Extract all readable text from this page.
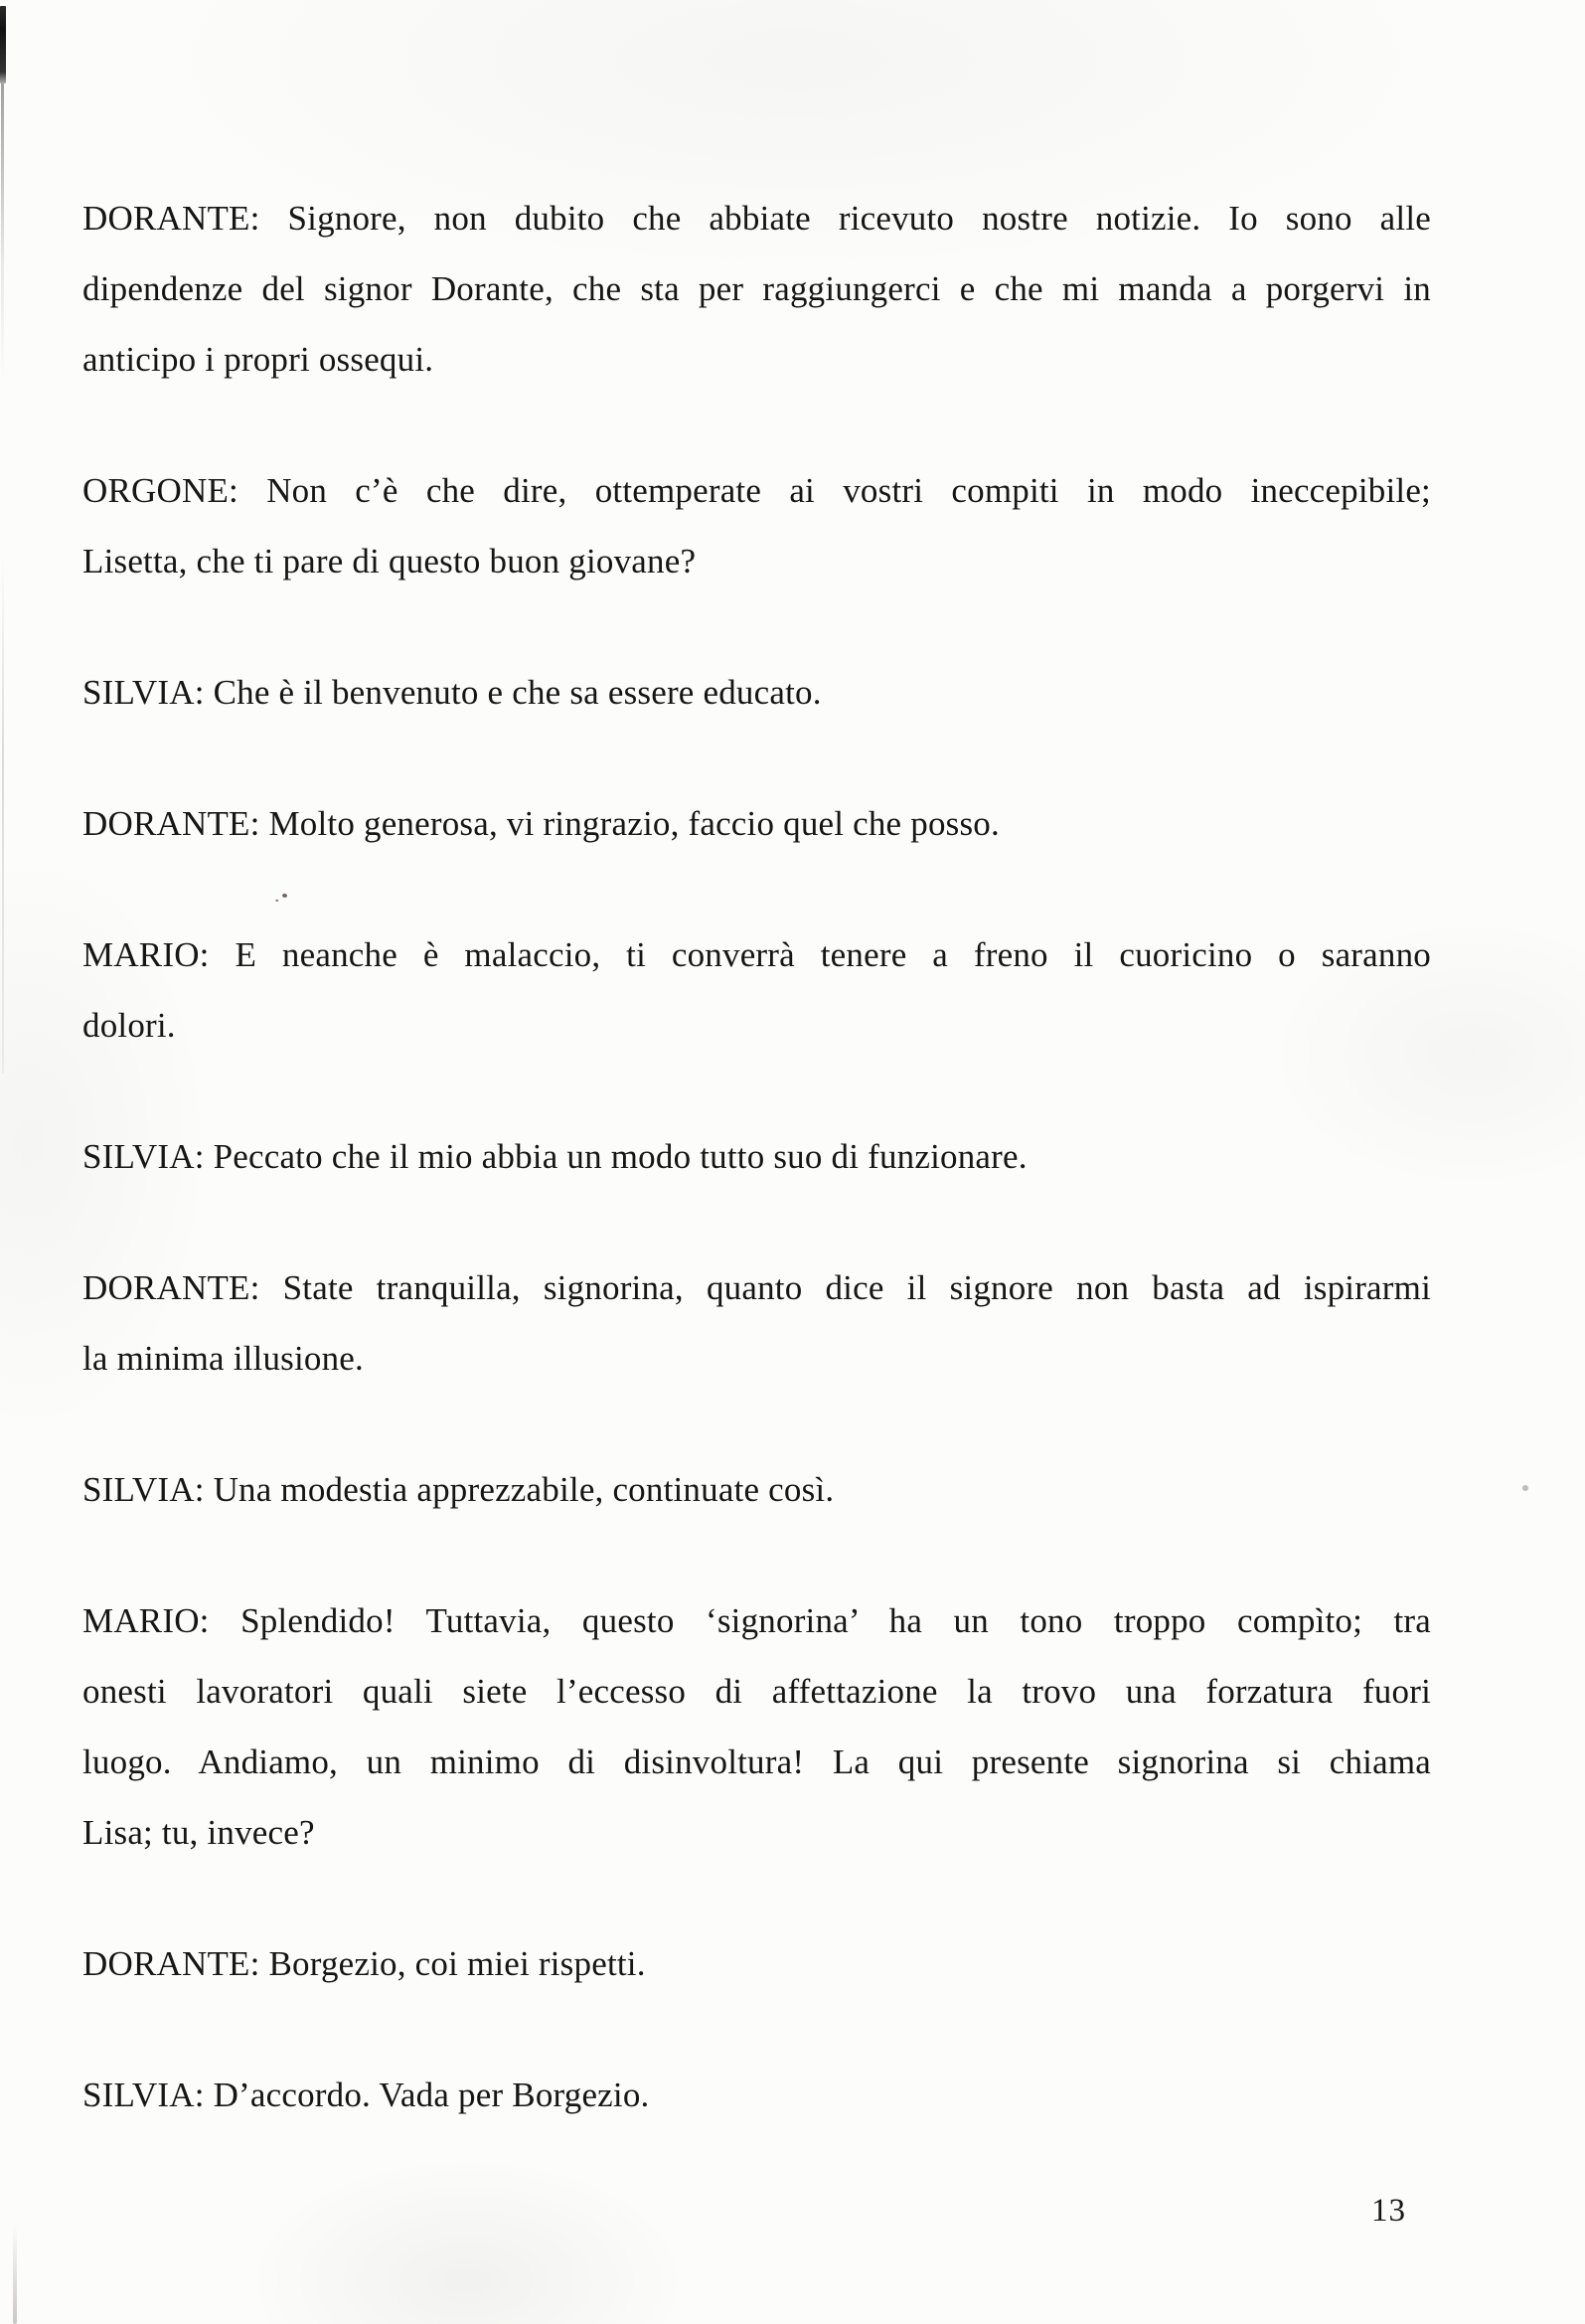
DORANTE: Signore, non dubito che abbiate ricevuto nostre notizie. Io sono alle
dipendenze del signor Dorante, che sta per raggiungerci e che mi manda a porgervi in
anticipo i propri ossequi.

ORGONE: Non c’è che dire, ottemperate ai vostri compiti in modo ineccepibile;
Lisetta, che ti pare di questo buon giovane?

SILVIA: Che è il benvenuto e che sa essere educato.

DORANTE: Molto generosa, vi ringrazio, faccio quel che posso.

MARIO: E neanche è malaccio, ti converrà tenere a freno il cuoricino o saranno
dolori.

SILVIA: Peccato che il mio abbia un modo tutto suo di funzionare.

DORANTE: State tranquilla, signorina, quanto dice il signore non basta ad ispirarmi
la minima illusione.

SILVIA: Una modestia apprezzabile, continuate così.

MARIO: Splendido! Tuttavia, questo ‘signorina’ ha un tono troppo compìto; tra
onesti lavoratori quali siete l’eccesso di affettazione la trovo una forzatura fuori
luogo. Andiamo, un minimo di disinvoltura! La qui presente signorina si chiama
Lisa; tu, invece?

DORANTE: Borgezio, coi miei rispetti.

SILVIA: D’accordo. Vada per Borgezio.

13
